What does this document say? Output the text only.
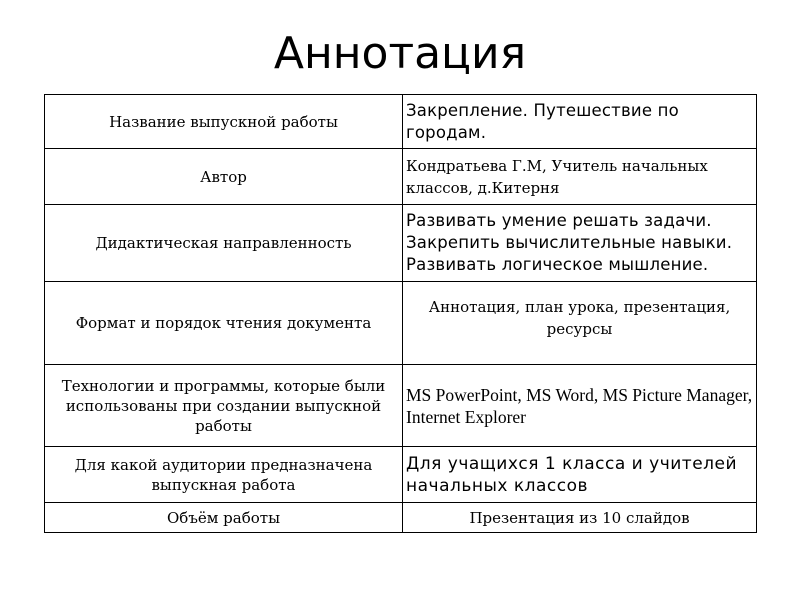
Аннотация
Название выпускной работы	Закрепление. Путешествие по городам.
Автор	Кондратьева Г.М, Учитель начальных классов, д.Китерня
Дидактическая направленность	Развивать умение решать задачи.
Закрепить вычислительные навыки.
Развивать логическое мышление.

Формат и порядок чтения документа	Аннотация, план урока, презентация, ресурсы
Технологии и программы, которые были использованы при создании выпускной работы	MS PowerPoint, MS Word, MS Picture Manager, Internet Explorer
Для какой аудитории предназначена выпускная работа	Для учащихся 1 класса и учителей начальных классов
Объём работы	Презентация из 10 слайдов
